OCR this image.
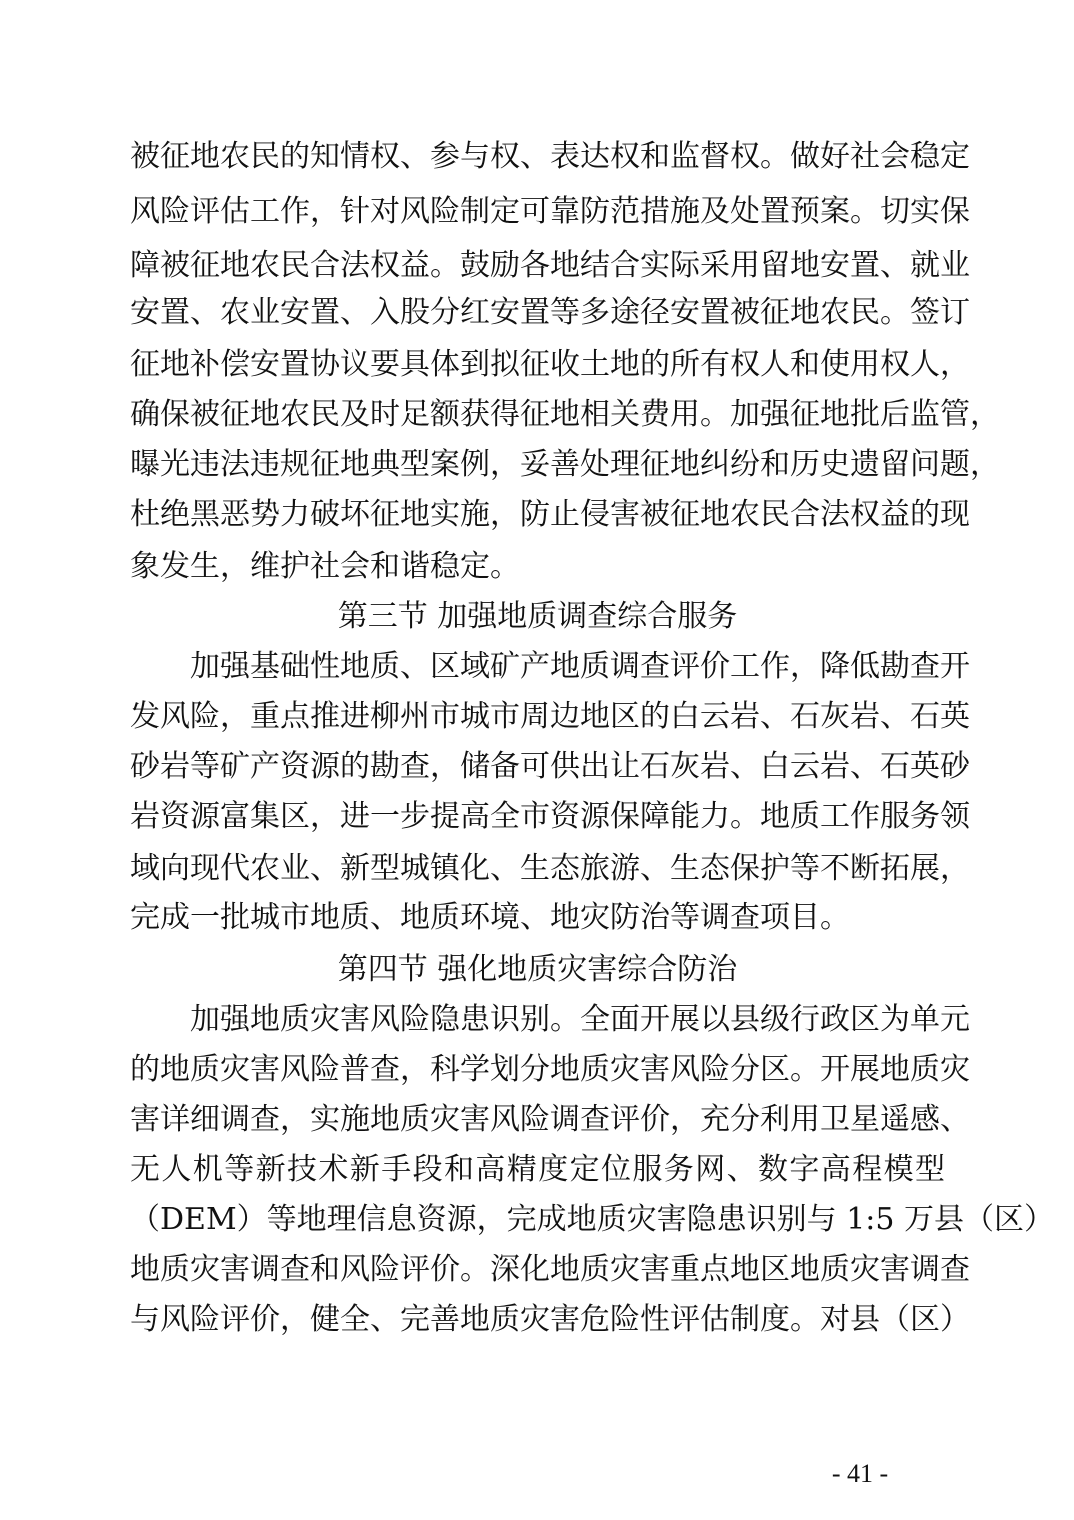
被征地农民的知情权、参与权、表达权和监督权。做好社会稳定
风险评估工作，针对风险制定可靠防范措施及处置预案。切实保
障被征地农民合法权益。鼓励各地结合实际采用留地安置、就业
安置、农业安置、入股分红安置等多途径安置被征地农民。签订
征地补偿安置协议要具体到拟征收土地的所有权人和使用权人，
确保被征地农民及时足额获得征地相关费用。加强征地批后监管，
曝光违法违规征地典型案例，妥善处理征地纠纷和历史遗留问题，
杜绝黑恶势力破坏征地实施，防止侵害被征地农民合法权益的现
象发生，维护社会和谐稳定。
第三节 加强地质调查综合服务
加强基础性地质、区域矿产地质调查评价工作，降低勘查开
发风险，重点推进柳州市城市周边地区的白云岩、石灰岩、石英
砂岩等矿产资源的勘查，储备可供出让石灰岩、白云岩、石英砂
岩资源富集区，进一步提高全市资源保障能力。地质工作服务领
域向现代农业、新型城镇化、生态旅游、生态保护等不断拓展，
完成一批城市地质、地质环境、地灾防治等调查项目。
第四节 强化地质灾害综合防治
加强地质灾害风险隐患识别。全面开展以县级行政区为单元
的地质灾害风险普查，科学划分地质灾害风险分区。开展地质灾
害详细调查，实施地质灾害风险调查评价，充分利用卫星遥感、
无人机等新技术新手段和高精度定位服务网、数字高程模型
（DEM）等地理信息资源，完成地质灾害隐患识别与 1:5 万县（区）
地质灾害调查和风险评价。深化地质灾害重点地区地质灾害调查
与风险评价，健全、完善地质灾害危险性评估制度。对县（区）
- 41 -
